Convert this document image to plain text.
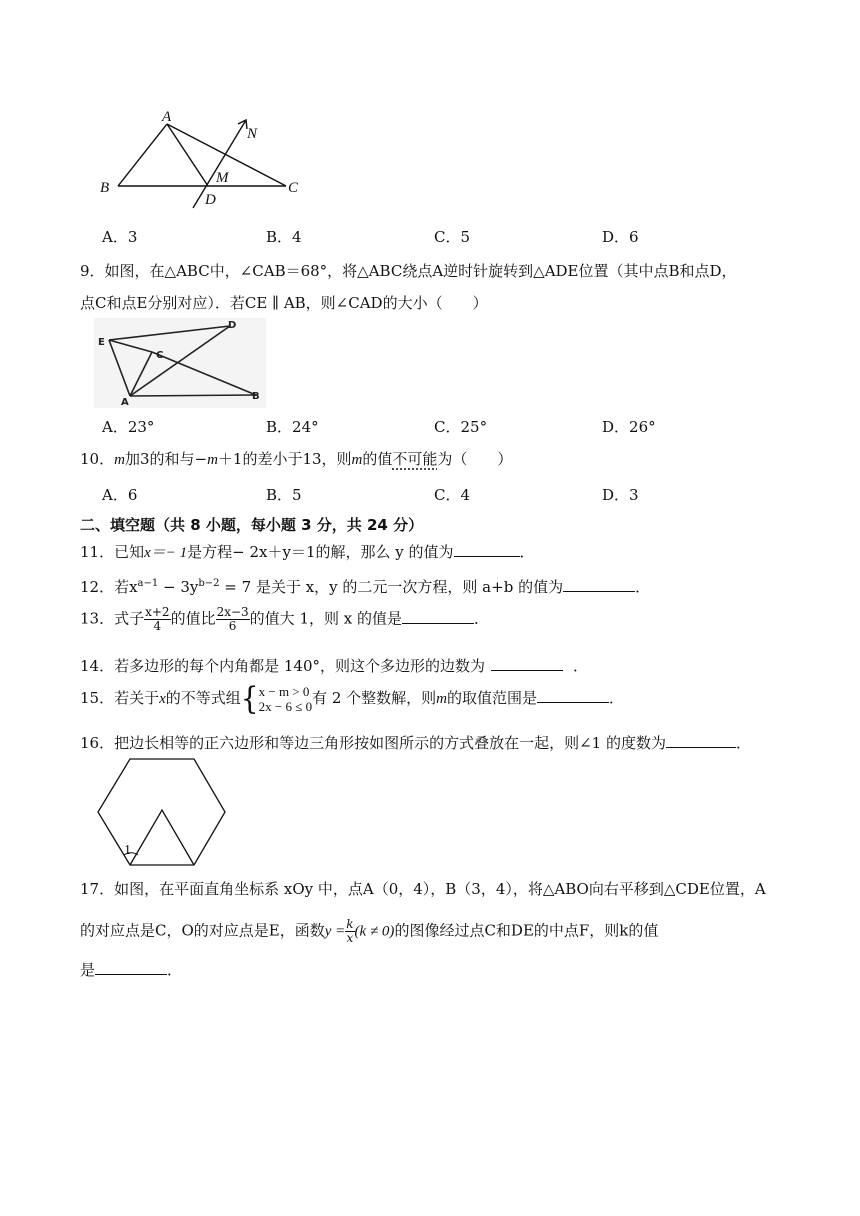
A
B	C
D
M
N
A．3	B．4	C．5	D．6
9．如图，在△ABC中，∠CAB＝68°，将△ABC绕点A逆时针旋转到△ADE位置（其中点B和点D，
点C和点E分别对应）．若CE ∥ AB，则∠CAD的大小（　　）
E
D
C
A
B
A．23°	B．24°	C．25°	D．26°
10．m加3的和与−m＋1的差小于13，则m的值不可能为（　　）
A．6	B．5	C．4	D．3
二、填空题（共 8 小题，每小题 3 分，共 24 分）
11．已知x＝− 1是方程− 2x＋y＝1的解，那么 y 的值为	．
12．若$x^{a-1} - 3y^{b-2} = 7$ 是关于 x，y 的二元一次方程，则 a+b 的值为	．
13．式子 $\frac{x+2}{4}$ 的值比 $\frac{2x-3}{6}$ 的值大 1，则 x 的值是	．
14．若多边形的每个内角都是 140°，则这个多边形的边数为	．
15．若关于x的不等式组{ x − m > 0
2x − 6 ≤ 0 有 2 个整数解，则m的取值范围是	．
16．把边长相等的正六边形和等边三角形按如图所示的方式叠放在一起，则∠1 的度数为	．
1
17．如图，在平面直角坐标系 xOy 中，点A（0，4），B（3，4），将△ABO向右平移到△CDE位置，A
的对应点是C，O的对应点是E，函数$y = \frac{k}{x} (k \ne 0)$的图像经过点C和DE的中点F，则k的值
是	．
